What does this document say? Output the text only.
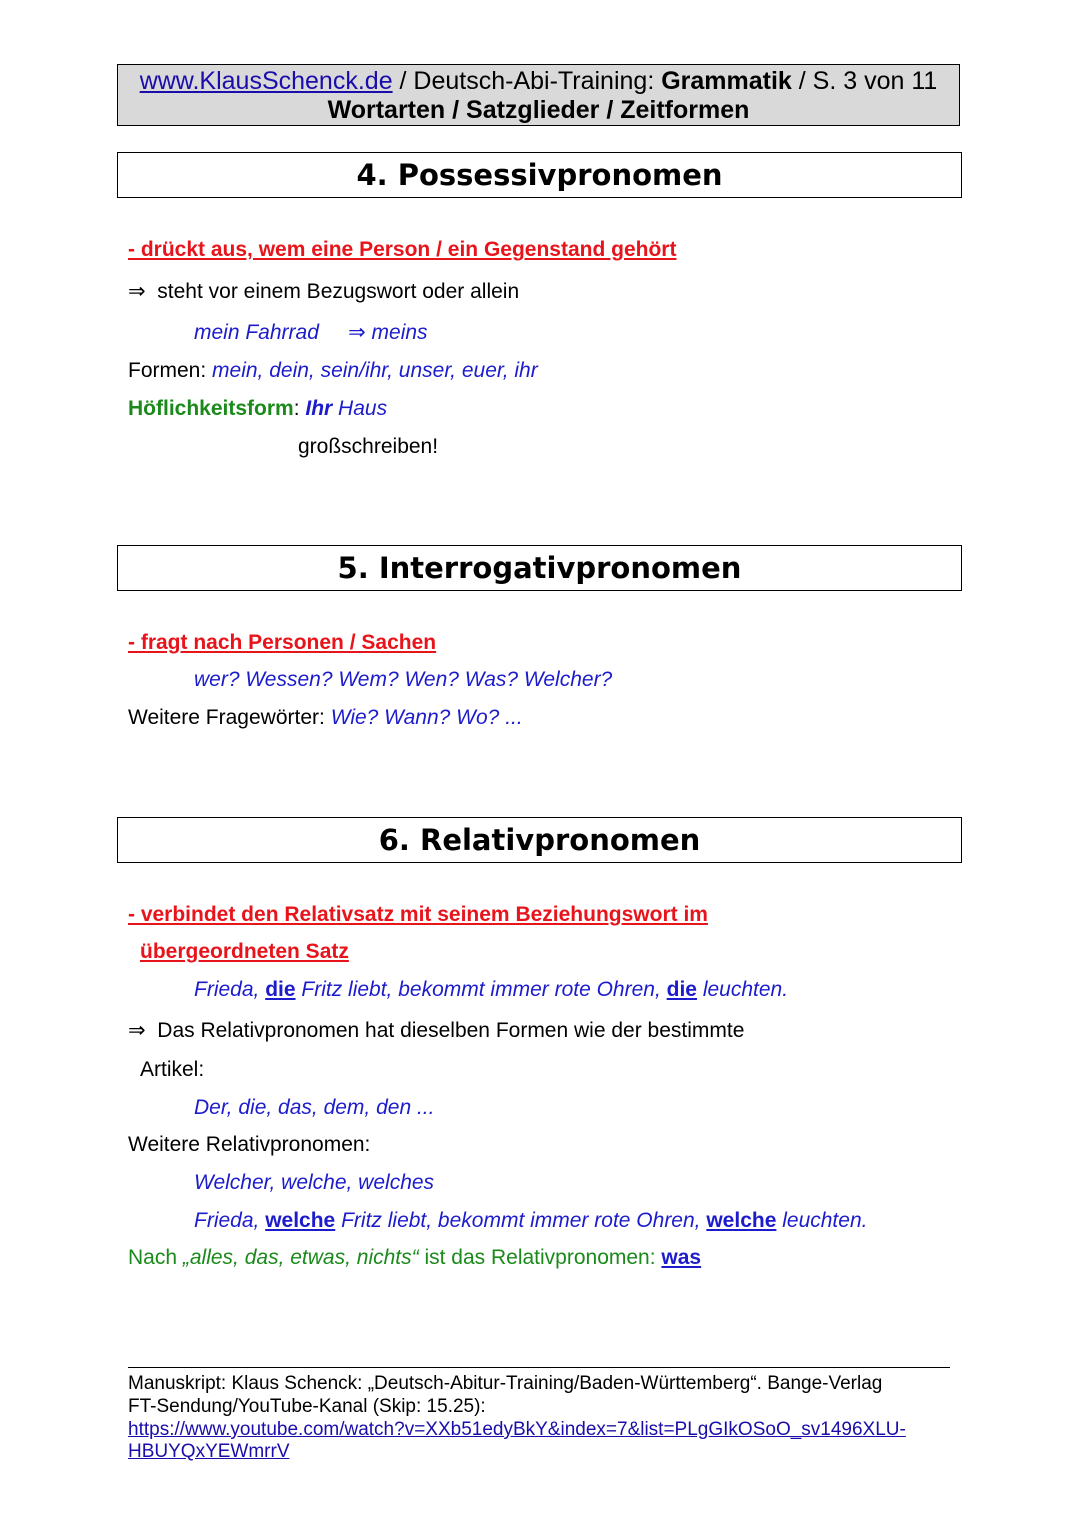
www.KlausSchenck.de / Deutsch-Abi-Training: Grammatik / S. 3 von 11
Wortarten / Satzglieder / Zeitformen
4. Possessivpronomen
- drückt aus, wem eine Person / ein Gegenstand gehört
⇒ steht vor einem Bezugswort oder allein
mein Fahrrad ⇒ meins
Formen: mein, dein, sein/ihr, unser, euer, ihr
Höflichkeitsform: Ihr Haus
großschreiben!
5. Interrogativpronomen
- fragt nach Personen / Sachen
wer? Wessen? Wem? Wen? Was? Welcher?
Weitere Fragewörter: Wie? Wann? Wo? ...
6. Relativpronomen
- verbindet den Relativsatz mit seinem Beziehungswort im
übergeordneten Satz
Frieda, die Fritz liebt, bekommt immer rote Ohren, die leuchten.
⇒ Das Relativpronomen hat dieselben Formen wie der bestimmte
Artikel:
Der, die, das, dem, den ...
Weitere Relativpronomen:
Welcher, welche, welches
Frieda, welche Fritz liebt, bekommt immer rote Ohren, welche leuchten.
Nach „alles, das, etwas, nichts“ ist das Relativpronomen: was
Manuskript: Klaus Schenck: „Deutsch-Abitur-Training/Baden-Württemberg“. Bange-Verlag
FT-Sendung/YouTube-Kanal (Skip: 15.25):
https://www.youtube.com/watch?v=XXb51edyBkY&index=7&list=PLgGIkOSoO_sv1496XLU-
HBUYQxYEWmrrV
